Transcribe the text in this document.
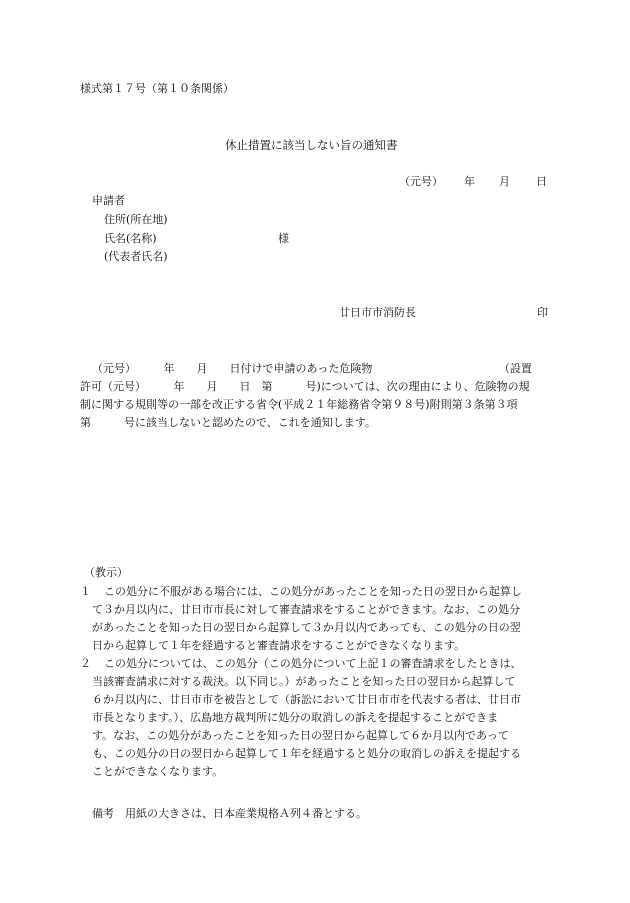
様式第１７号（第１０条関係）
休止措置に該当しない旨の通知書
（元号） 年 月 日
申請者
住所(所在地)
氏名(名称)	様
(代表者氏名)
廿日市市消防長	印
（元号）　　　年　　月　　日付けで申請のあった危険物　　　　　　　　　　　　（設置
許可（元号）　　　年　　月　　日　第　　　号)については、次の理由により、危険物の規
制に関する規則等の一部を改正する省令(平成２１年総務省令第９８号)附則第３条第３項
第　　　号に該当しないと認めたので、これを通知します。
（教示）
１	この処分に不服がある場合には、この処分があったことを知った日の翌日から起算し
て３か月以内に、廿日市市長に対して審査請求をすることができます。なお、この処分
があったことを知った日の翌日から起算して３か月以内であっても、この処分の日の翌
日から起算して１年を経過すると審査請求をすることができなくなります。
２	この処分については、この処分（この処分について上記１の審査請求をしたときは、
当該審査請求に対する裁決。以下同じ。）があったことを知った日の翌日から起算して
６か月以内に、廿日市市を被告として（訴訟において廿日市市を代表する者は、廿日市
市長となります。）、広島地方裁判所に処分の取消しの訴えを提起することができま
す。なお、この処分があったことを知った日の翌日から起算して６か月以内であって
も、この処分の日の翌日から起算して１年を経過すると処分の取消しの訴えを提起する
ことができなくなります。
備考　用紙の大きさは、日本産業規格Ａ列４番とする。
